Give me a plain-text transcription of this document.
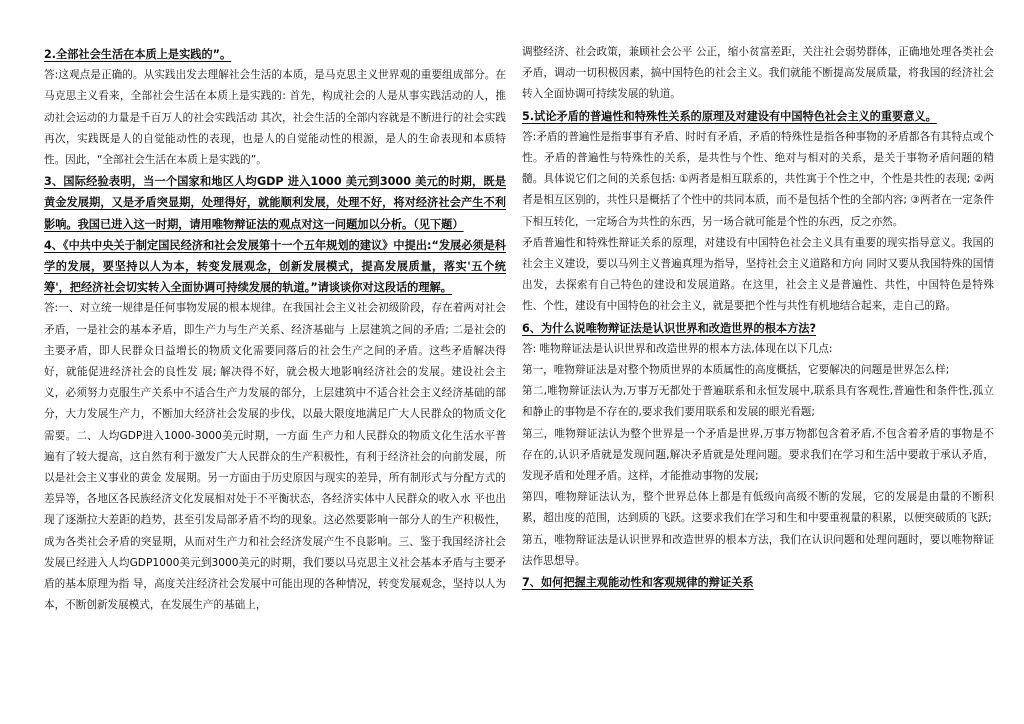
2.全部社会生活在本质上是实践的”。

答:这观点是正确的。从实践出发去理解社会生活的本质，是马克思主义世界观的重要组成部分。在马克思主义看来，全部社会生活在本质上是实践的: 首先，构成社会的人是从事实践活动的人，推动社会运动的力量是千百万人的社会实践活动 其次，社会生活的全部内容就是不断进行的社会实践 再次，实践既是人的自觉能动性的表现，也是人的自觉能动性的根源，是人的生命表现和本质特性。因此，“全部社会生活在本质上是实践的”。

3、国际经验表明，当一个国家和地区人均GDP 进入1000 美元到3000 美元的时期，既是黄金发展期，又是矛盾突显期，处理得好，就能顺利发展，处理不好，将对经济社会产生不利影响。我国已进入这一时期，请用唯物辩证法的观点对这一问题加以分析。（见下题）

4、《中共中央关于制定国民经济和社会发展第十一个五年规划的建议》中提出:“发展必须是科学的发展，要坚持以人为本，转变发展观念，创新发展模式，提高发展质量，落实'五个统筹'，把经济社会切实转入全面协调可持续发展的轨道。”请谈谈你对这段话的理解。

答:一、对立统一规律是任何事物发展的根本规律。在我国社会主义社会初级阶段，存在着两对社会矛盾，一是社会的基本矛盾，即生产力与生产关系、经济基础与 上层建筑之间的矛盾; 二是社会的主要矛盾，即人民群众日益增长的物质文化需要同落后的社会生产之间的矛盾。这些矛盾解决得好，就能促进经济社会的良性发 展; 解决得不好，就会极大地影响经济社会的发展。建设社会主义，必须努力克服生产关系中不适合生产力发展的部分，上层建筑中不适合社会主义经济基础的部 分，大力发展生产力，不断加大经济社会发展的步伐，以最大限度地满足广大人民群众的物质文化需要。二、人均GDP进入1000-3000美元时期，一方面 生产力和人民群众的物质文化生活水平普遍有了较大提高，这自然有利于激发广大人民群众的生产积极性，有利于经济社会的向前发展，所以是社会主义事业的黄金 发展期。另一方面由于历史原因与现实的差异，所有制形式与分配方式的差异等，各地区各民族经济文化发展相对处于不平衡状态，各经济实体中人民群众的收入水 平也出现了逐渐拉大差距的趋势，甚至引发局部矛盾不均的现象。这必然要影响一部分人的生产积极性，成为各类社会矛盾的突显期，从而对生产力和社会经济发展产生不良影响。三、鉴于我国经济社会发展已经进入人均GDP1000美元到3000美元的时期，我们要以马克思主义社会基本矛盾与主要矛盾的基本原理为指 导，高度关注经济社会发展中可能出现的各种情况，转变发展观念，坚持以人为本，不断创新发展模式，在发展生产的基础上，

调整经济、社会政策，兼顾社会公平 公正，缩小贫富差距，关注社会弱势群体，正确地处理各类社会矛盾，调动一切积极因素，搞中国特色的社会主义。我们就能不断提高发展质量，将我国的经济社会 转入全面协调可持续发展的轨道。

5.试论矛盾的普遍性和特殊性关系的原理及对建设有中国特色社会主义的重要意义。

答:矛盾的普遍性是指事事有矛盾、时时有矛盾，矛盾的特殊性是指各种事物的矛盾都各有其特点或个性。矛盾的普遍性与特殊性的关系，是共性与个性、绝对与相对的关系，是关于事物矛盾问题的精髓。具体说它们之间的关系包括: ①两者是相互联系的，共性寓于个性之中，个性是共性的表现; ②两者是相互区别的，共性只是概括了个性中的共同本质，而不是包括个性的全部内容; ③两者在一定条件下相互转化，一定场合为共性的东西，另一场合就可能是个性的东西，反之亦然。

矛盾普遍性和特殊性辩证关系的原理，对建设有中国特色社会主义具有重要的现实指导意义。我国的社会主义建设，要以马列主义普遍真理为指导，坚持社会主义道路和方向 同时又要从我国特殊的国情出发，去探索有自己特色的建设和发展道路。在这里，社会主义是普遍性、共性，中国特色是特殊性、个性，建设有中国特色的社会主义，就是要把个性与共性有机地结合起来，走自己的路。

6、为什么说唯物辩证法是认识世界和改造世界的根本方法?

答: 唯物辩证法是认识世界和改造世界的根本方法,体现在以下几点:

第一，唯物辩证法是对整个物质世界的本质属性的高度概括，它要解决的问题是世界怎么样;

第二,唯物辩证法认为,万事万无都处于普遍联系和永恒发展中,联系具有客观性,普遍性和条件性,孤立和静止的事物是不存在的,要求我们要用联系和发展的眼光看题;

第三，唯物辩证法认为整个世界是一个矛盾是世界,万事万物都包含着矛盾,不包含着矛盾的事物是不存在的,认识矛盾就是发现问题,解决矛盾就是处理问题。要求我们在学习和生活中要敢于承认矛盾，发现矛盾和处理矛盾。这样，才能推动事物的发展;

第四，唯物辩证法认为，整个世界总体上都是有低级向高级不断的发展，它的发展是由量的不断积累，超出度的范围，达到质的飞跃。这要求我们在学习和生和中要重视量的积累，以便突破质的飞跃;

第五，唯物辩证法是认识世界和改造世界的根本方法，我们在认识问题和处理问题时，要以唯物辩证法作思想导。

7、如何把握主观能动性和客观规律的辩证关系
